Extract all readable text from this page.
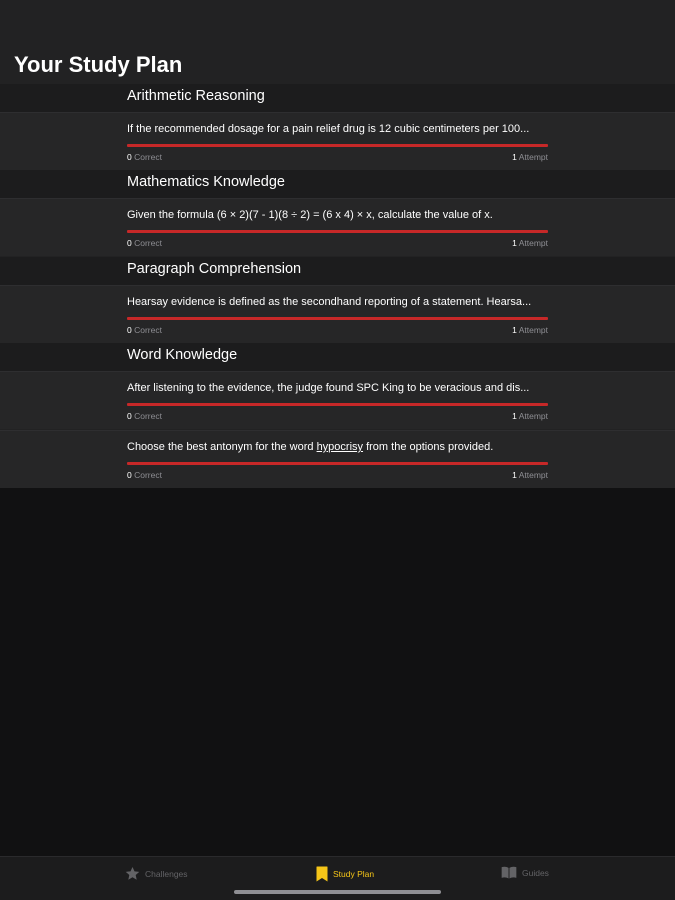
Your Study Plan
Arithmetic Reasoning
If the recommended dosage for a pain relief drug is 12 cubic centimeters per 100...
0 Correct	1 Attempt
Mathematics Knowledge
Given the formula (6 × 2)(7 - 1)(8 ÷ 2) = (6 x 4) × x, calculate the value of x.
0 Correct	1 Attempt
Paragraph Comprehension
Hearsay evidence is defined as the secondhand reporting of a statement. Hearsa...
0 Correct	1 Attempt
Word Knowledge
After listening to the evidence, the judge found SPC King to be veracious and dis...
0 Correct	1 Attempt
Choose the best antonym for the word hypocrisy from the options provided.
0 Correct	1 Attempt
Challenges	Study Plan	Guides
